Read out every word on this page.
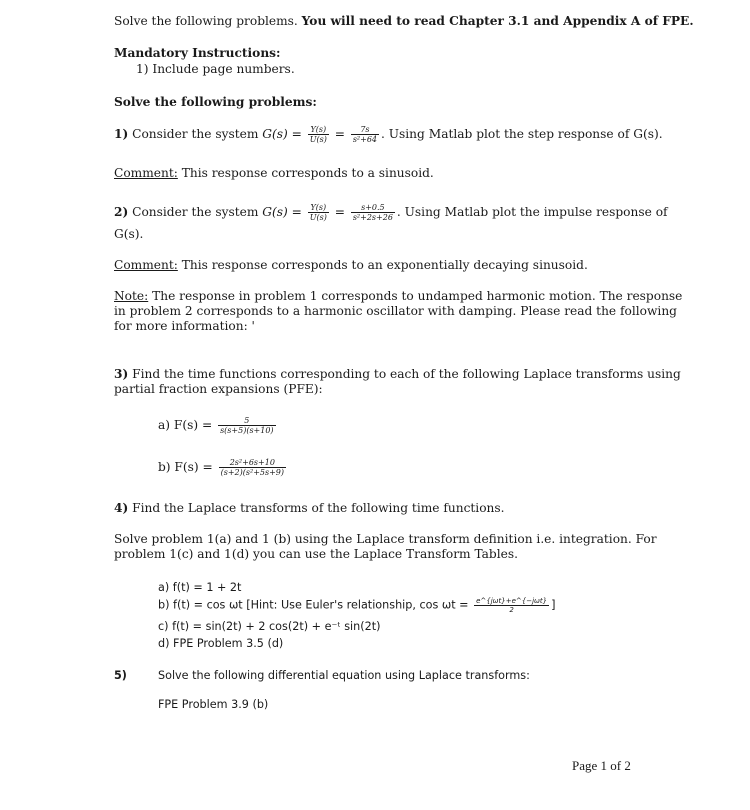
Solve the following problems. You will need to read Chapter 3.1 and Appendix A of FPE.
Mandatory Instructions:
1) Include page numbers.
Solve the following problems:
1) Consider the system $G(s) = \frac{Y(s)}{U(s)} = \frac{7s}{\text{s²+64}}$ . Using Matlab plot the step response of G(s).
Comment: This response corresponds to a sinusoid.
2) Consider the system $G(s) = \frac{Y(s)}{U(s)} = \frac{s+0.5}{\text{s²+2s+26}}$ . Using Matlab plot the impulse response of
G(s).
Comment: This response corresponds to an exponentially decaying sinusoid.
Note: The response in problem 1 corresponds to undamped harmonic motion. The response
in problem 2 corresponds to a harmonic oscillator with damping. Please read the following
for more information: '
3) Find the time functions corresponding to each of the following Laplace transforms using
partial fraction expansions (PFE):
a) $F(s) = \frac{5}{s(s+5)(s+10)}$
b) $F(s) = \frac{\text{2s²+6s+10}}{\text{(s+2)(s²+5s+9)}}$
4) Find the Laplace transforms of the following time functions.
Solve problem 1(a) and 1 (b) using the Laplace transform definition i.e. integration. For
problem 1(c) and 1(d) you can use the Laplace Transform Tables.
a) f(t) = 1 + 2t
b) f(t) = cos ωt [Hint: Use Euler's relationship, $\cos \omega t = \frac{\text{e\textasciicircum{}\{jωt\}+e\textasciicircum{}\{−jωt\}}}{2}$ ]
c) f(t) = sin(2t) + 2 cos(2t) + e⁻ᵗ sin(2t)
d) FPE Problem 3.5 (d)
5)	Solve the following differential equation using Laplace transforms:
FPE Problem 3.9 (b)
Page 1 of 2
